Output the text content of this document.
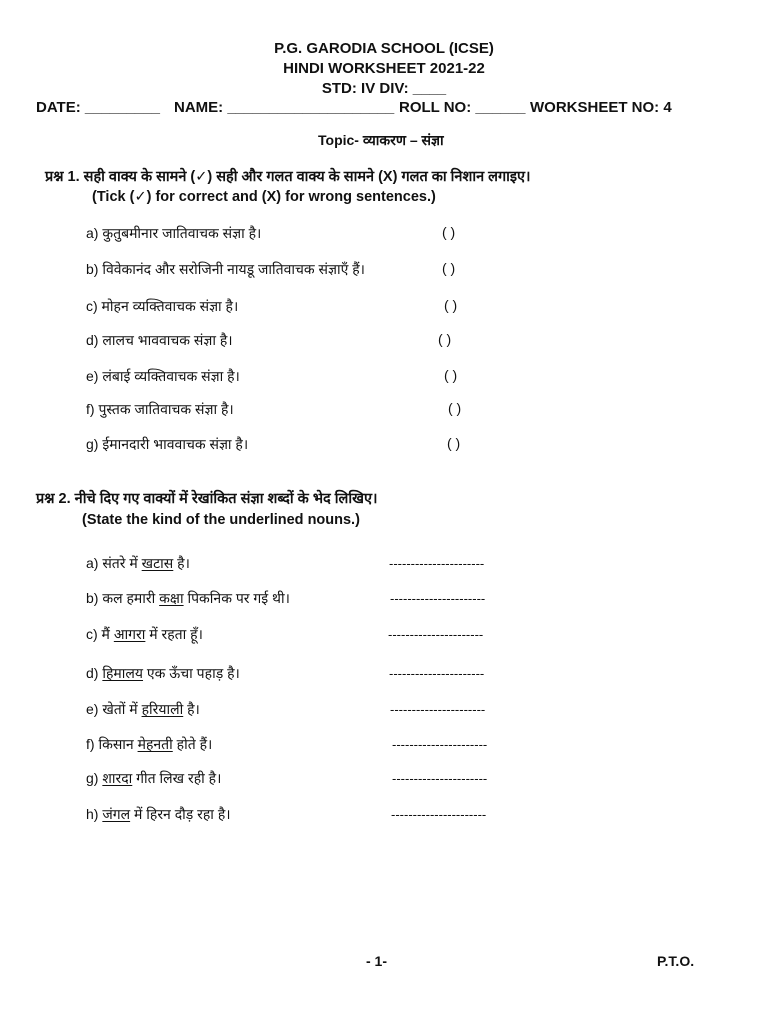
P.G. GARODIA SCHOOL (ICSE)
HINDI WORKSHEET 2021-22
STD: IV DIV: ____
DATE: _________ NAME: ____________________ ROLL NO: ______ WORKSHEET NO: 4
Topic- व्याकरण – संज्ञा
प्रश्न 1. सही वाक्य के सामने (✓) सही और गलत वाक्य के सामने (X) गलत का निशान लगाइए।
(Tick (✓) for correct and (X) for wrong sentences.)
a) कुतुबमीनार जातिवाचक संज्ञा है।	( )
b) विवेकानंद और सरोजिनी नायडू जातिवाचक संज्ञाएँ हैं।	( )
c) मोहन व्यक्तिवाचक संज्ञा है।	( )
d) लालच भाववाचक संज्ञा है।	( )
e) लंबाई व्यक्तिवाचक संज्ञा है।	( )
f) पुस्तक जातिवाचक संज्ञा है।	( )
g) ईमानदारी भाववाचक संज्ञा है।	( )
प्रश्न 2. नीचे दिए गए वाक्यों में रेखांकित संज्ञा शब्दों के भेद लिखिए।
(State the kind of the underlined nouns.)
a) संतरे में खटास है।	----------------------
b) कल हमारी कक्षा पिकनिक पर गई थी।	----------------------
c) मैं आगरा में रहता हूँ।	----------------------
d) हिमालय एक ऊँचा पहाड़ है।	----------------------
e) खेतों में हरियाली है।	----------------------
f) किसान मेहनती होते हैं।	----------------------
g) शारदा गीत लिख रही है।	----------------------
h) जंगल में हिरन दौड़ रहा है।	----------------------
- 1-	P.T.O.
